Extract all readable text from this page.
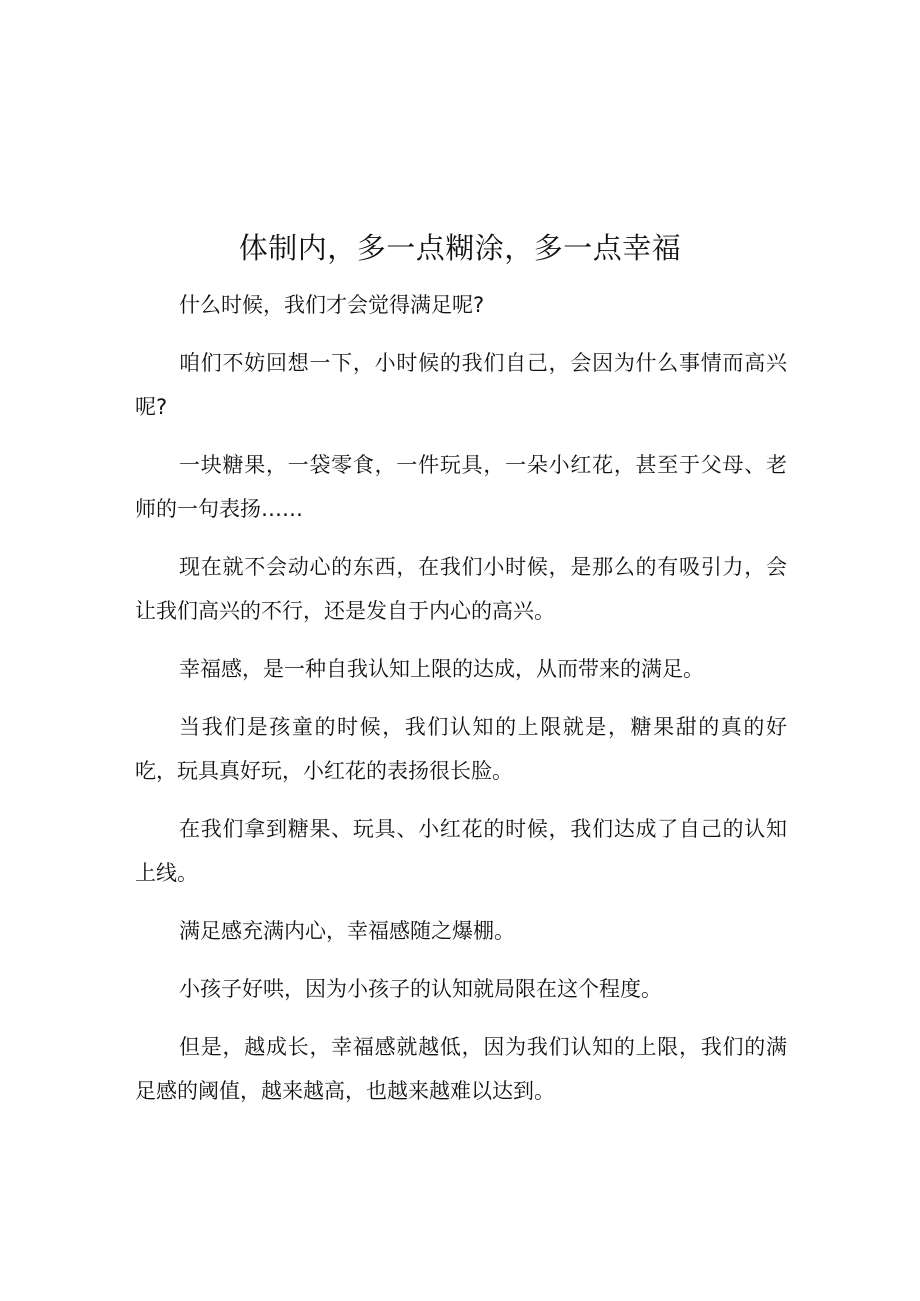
体制内，多一点糊涂，多一点幸福

什么时候，我们才会觉得满足呢?

咱们不妨回想一下，小时候的我们自己，会因为什么事情而高兴呢?

一块糖果，一袋零食，一件玩具，一朵小红花，甚至于父母、老师的一句表扬……

现在就不会动心的东西，在我们小时候，是那么的有吸引力，会让我们高兴的不行，还是发自于内心的高兴。

幸福感，是一种自我认知上限的达成，从而带来的满足。

当我们是孩童的时候，我们认知的上限就是，糖果甜的真的好吃，玩具真好玩，小红花的表扬很长脸。

在我们拿到糖果、玩具、小红花的时候，我们达成了自己的认知上线。

满足感充满内心，幸福感随之爆棚。

小孩子好哄，因为小孩子的认知就局限在这个程度。

但是，越成长，幸福感就越低，因为我们认知的上限，我们的满足感的阈值，越来越高，也越来越难以达到。
